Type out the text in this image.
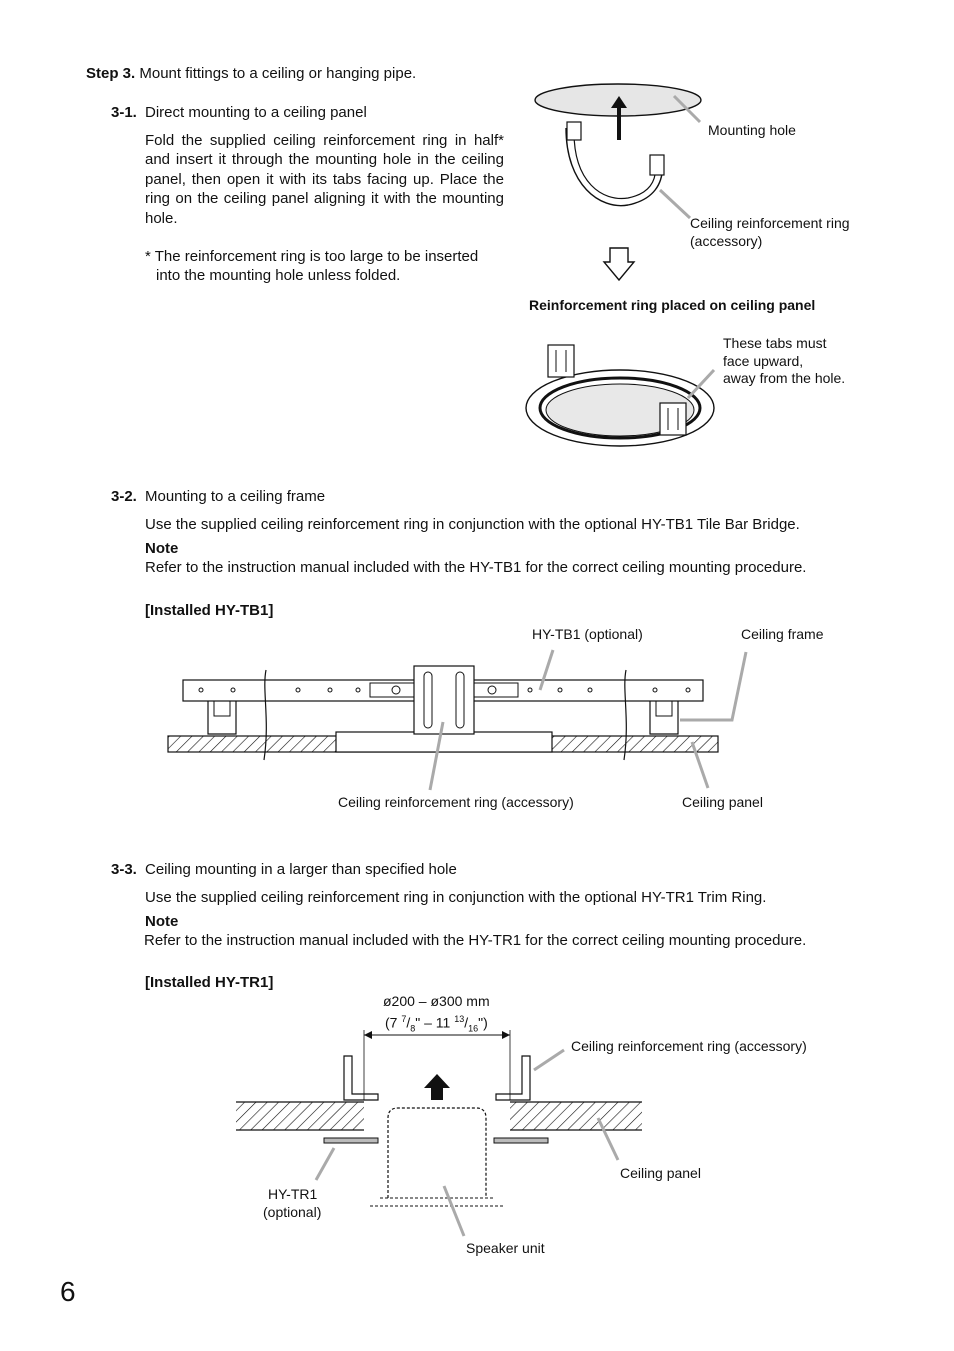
Step 3. Mount fittings to a ceiling or hanging pipe.
3-1. Direct mounting to a ceiling panel
Fold the supplied ceiling reinforcement ring in half* and insert it through the mounting hole in the ceiling panel, then open it with its tabs facing up. Place the ring on the ceiling panel aligning it with the mounting hole.
* The reinforcement ring is too large to be inserted
into the mounting hole unless folded.
Mounting hole
Ceiling reinforcement ring
(accessory)
Reinforcement ring placed on ceiling panel
These tabs must
face upward,
away from the hole.
3-2. Mounting to a ceiling frame
Use the supplied ceiling reinforcement ring in conjunction with the optional HY-TB1 Tile Bar Bridge.
Note
Refer to the instruction manual included with the HY-TB1 for the correct ceiling mounting procedure.
[Installed HY-TB1]
HY-TB1 (optional)	Ceiling frame
Ceiling reinforcement ring (accessory)	Ceiling panel
3-3. Ceiling mounting in a larger than specified hole
Use the supplied ceiling reinforcement ring in conjunction with the optional HY-TR1 Trim Ring.
Note
Refer to the instruction manual included with the HY-TR1 for the correct ceiling mounting procedure.
[Installed HY-TR1]
ø200 – ø300 mm
(7 $^7/_8$" – 11 $^{13}/_{16}$")
Ceiling reinforcement ring (accessory)
Ceiling panel
HY-TR1
(optional)
Speaker unit
6
